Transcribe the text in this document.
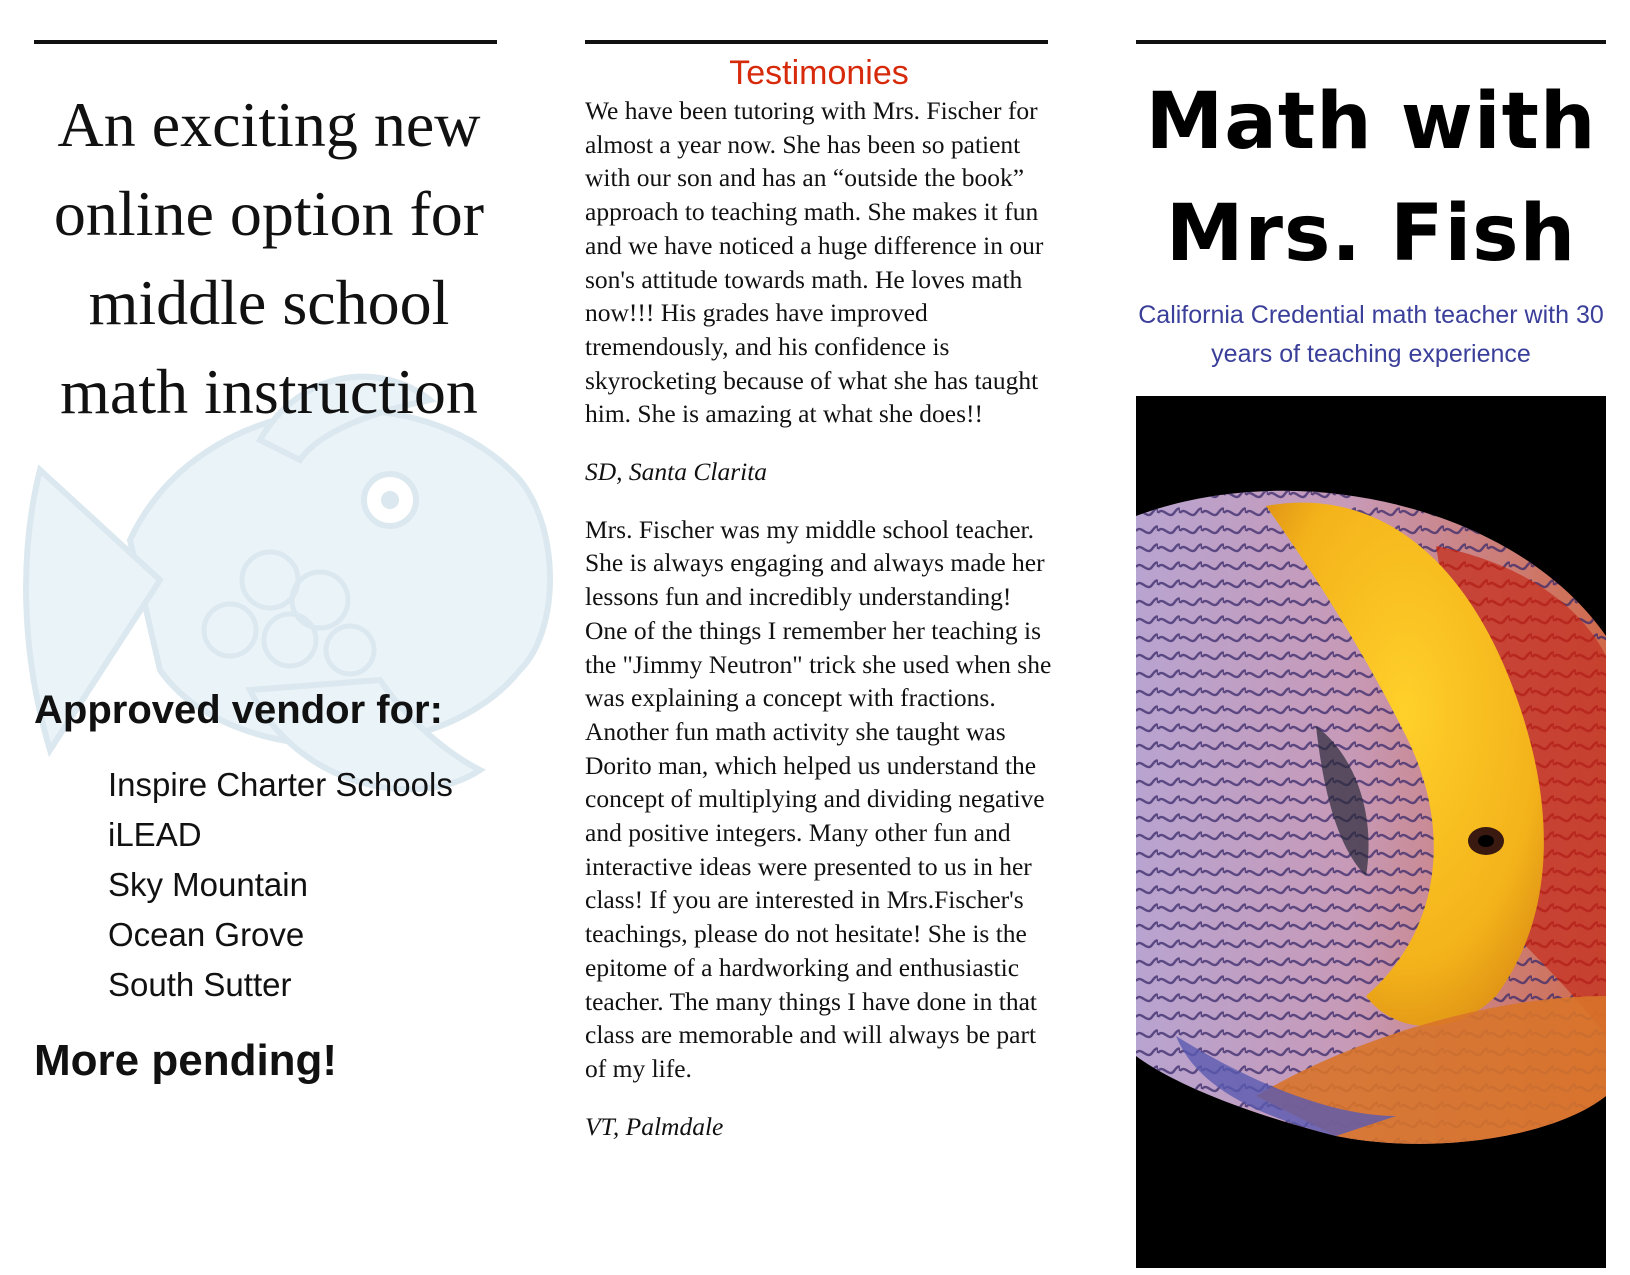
An exciting new online option for middle school math instruction
Approved vendor for:
Inspire Charter Schools
iLEAD
Sky Mountain
Ocean Grove
South Sutter
More pending!

Testimonies

We have been tutoring with Mrs. Fischer for almost a year now. She has been so patient with our son and has an “outside the book” approach to teaching math. She makes it fun and we have noticed a huge difference in our son's attitude towards math. He loves math now!!! His grades have improved tremendously, and his confidence is skyrocketing because of what she has taught him. She is amazing at what she does!!

SD, Santa Clarita

Mrs. Fischer was my middle school teacher. She is always engaging and always made her lessons fun and incredibly understanding! One of the things I remember her teaching is the "Jimmy Neutron" trick she used when she was explaining a concept with fractions. Another fun math activity she taught was Dorito man, which helped us understand the concept of multiplying and dividing negative and positive integers. Many other fun and interactive ideas were presented to us in her class! If you are interested in Mrs.Fischer's teachings, please do not hesitate! She is the epitome of a hardworking and enthusiastic teacher. The many things I have done in that class are memorable and will always be part of my life.

VT, Palmdale

Math with Mrs. Fish
California Credential math teacher with 30 years of teaching experience
